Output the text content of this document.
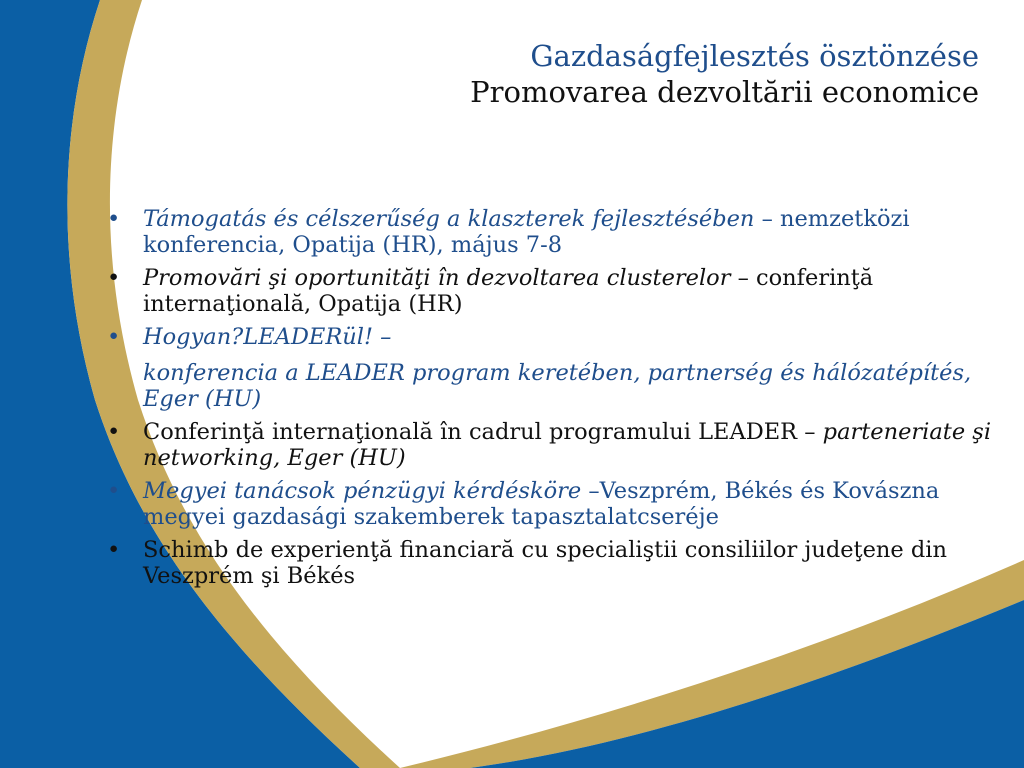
Gazdaságfejlesztés ösztönzése
Promovarea dezvoltării economice
• Támogatás és célszerűség a klaszterek fejlesztésében – nemzetközi konferencia, Opatija (HR), május 7-8
• Promovări şi oportunităţi în dezvoltarea clusterelor – conferinţă internaţională, Opatija (HR)
• Hogyan?LEADERül! –
konferencia a LEADER program keretében, partnerség és hálózatépítés, Eger (HU)
• Conferinţă internaţională în cadrul programului LEADER – parteneriate şi networking, Eger (HU)
• Megyei tanácsok pénzügyi kérdésköre –Veszprém, Békés és Kovászna megyei gazdasági szakemberek tapasztalatcseréje
• Schimb de experienţă financiară cu specialiştii consiliilor judeţene din Veszprém şi Békés
